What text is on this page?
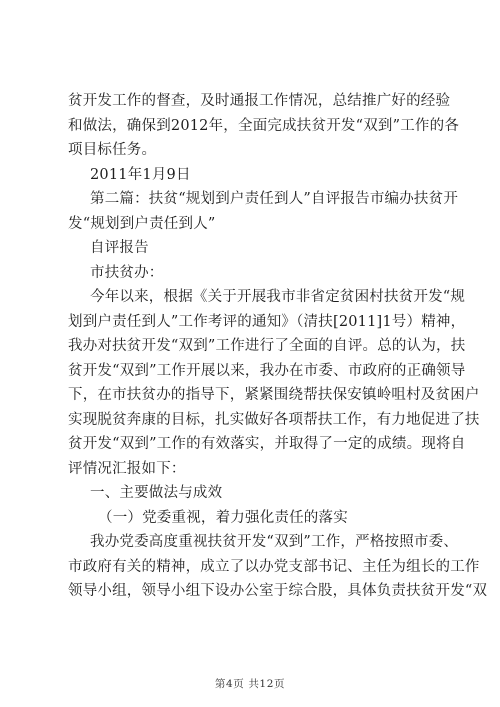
贫开发工作的督查，及时通报工作情况，总结推广好的经验
和做法，确保到2012年，全面完成扶贫开发“双到”工作的各
项目标任务。
2011年1月9日
第二篇：扶贫“规划到户责任到人”自评报告市编办扶贫开
发“规划到户责任到人”
自评报告
市扶贫办：
今年以来，根据《关于开展我市非省定贫困村扶贫开发“规
划到户责任到人”工作考评的通知》（清扶[2011]1号）精神，
我办对扶贫开发“双到”工作进行了全面的自评。总的认为，扶
贫开发“双到”工作开展以来，我办在市委、市政府的正确领导
下，在市扶贫办的指导下，紧紧围绕帮扶保安镇岭咀村及贫困户
实现脱贫奔康的目标，扎实做好各项帮扶工作，有力地促进了扶
贫开发“双到”工作的有效落实，并取得了一定的成绩。现将自
评情况汇报如下：
一、主要做法与成效
（一）党委重视，着力强化责任的落实
我办党委高度重视扶贫开发“双到”工作，严格按照市委、
市政府有关的精神，成立了以办党支部书记、主任为组长的工作
领导小组，领导小组下设办公室于综合股，具体负责扶贫开发“双
第4页 共12页
